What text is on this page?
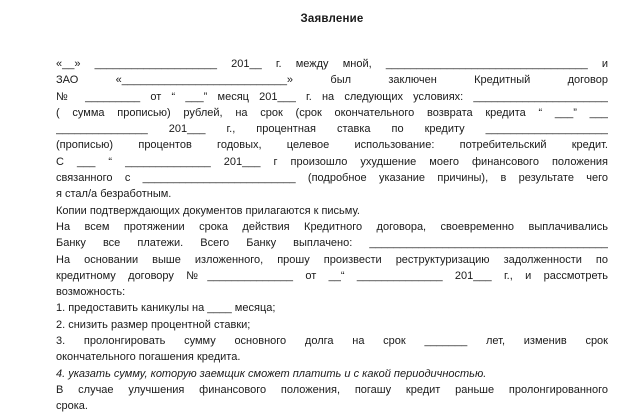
Заявление
«__» ____________________ 201__ г. между мной, _________________________________ и
ЗАО «___________________________» был заключен Кредитный договор
№ _________ от “ ___” месяц 201___ г. на следующих условиях: ______________________
( сумма прописью) рублей, на срок (срок окончательного возврата кредита “ ___” ___
_______________ 201___ г., процентная ставка по кредиту ____________________
(прописью) процентов годовых, целевое использование: потребительский кредит.
С ___ “ ______________ 201___ г произошло ухудшение моего финансового положения
связанного с _________________________ (подробное указание причины), в результате чего
я стал/а безработным.
Копии подтверждающих документов прилагаются к письму.
На всем протяжении срока действия Кредитного договора, своевременно выплачивались
Банку все платежи. Всего Банку выплачено: _______________________________________
На основании выше изложенного, прошу произвести реструктуризацию задолженности по
кредитному договору №______________ от __“ ______________ 201___ г., и рассмотреть
возможность:
1. предоставить каникулы на ____ месяца;
2. снизить размер процентной ставки;
3. пролонгировать сумму основного долга на срок _______ лет, изменив срок
окончательного погашения кредита.
4. указать сумму, которую заемщик сможет платить и с какой периодичностью.
В случае улучшения финансового положения, погашу кредит раньше пролонгированного
срока.
